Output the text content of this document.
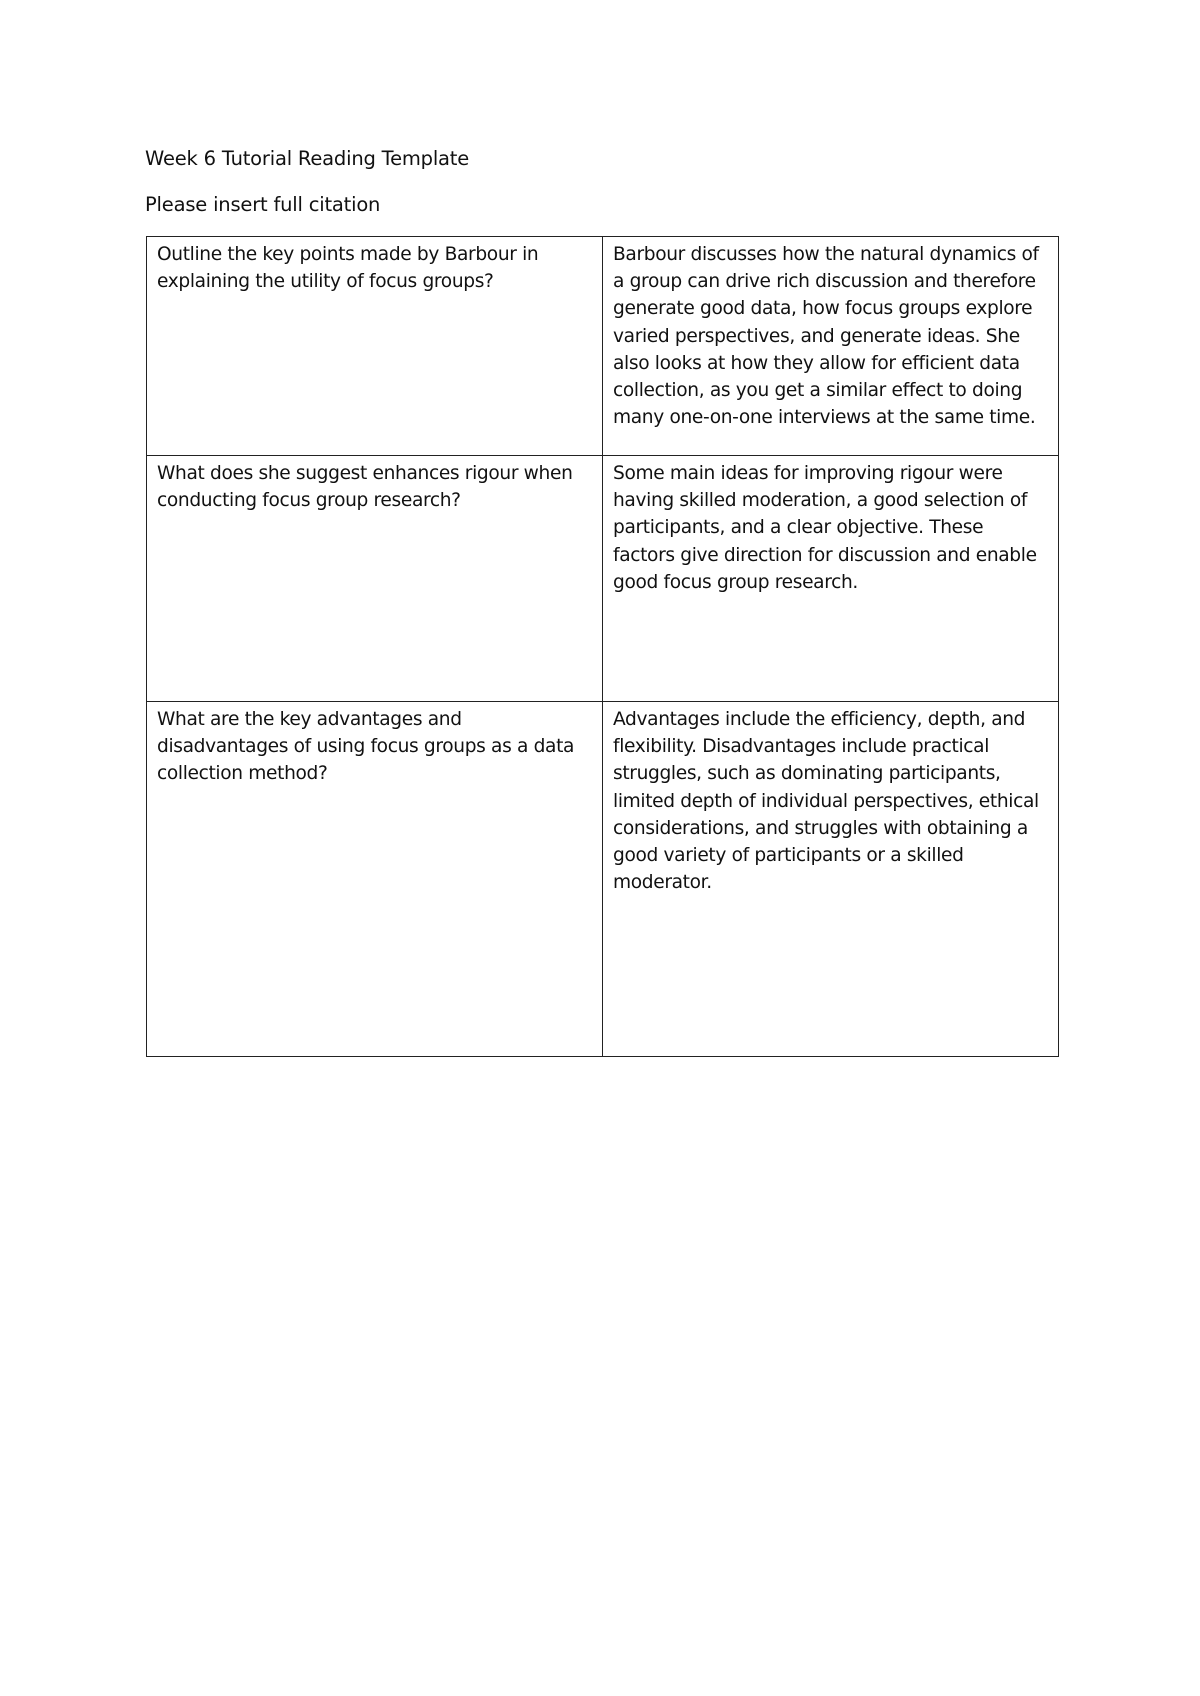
Week 6 Tutorial Reading Template
Please insert full citation
Outline the key points made by Barbour in explaining the utility of focus groups?	Barbour discusses how the natural dynamics of a group can drive rich discussion and therefore generate good data, how focus groups explore varied perspectives, and generate ideas. She also looks at how they allow for efficient data collection, as you get a similar effect to doing many one-on-one interviews at the same time.
What does she suggest enhances rigour when conducting focus group research?	Some main ideas for improving rigour were having skilled moderation, a good selection of participants, and a clear objective. These factors give direction for discussion and enable good focus group research.
What are the key advantages and disadvantages of using focus groups as a data collection method?	Advantages include the efficiency, depth, and flexibility. Disadvantages include practical struggles, such as dominating participants, limited depth of individual perspectives, ethical considerations, and struggles with obtaining a good variety of participants or a skilled moderator.
